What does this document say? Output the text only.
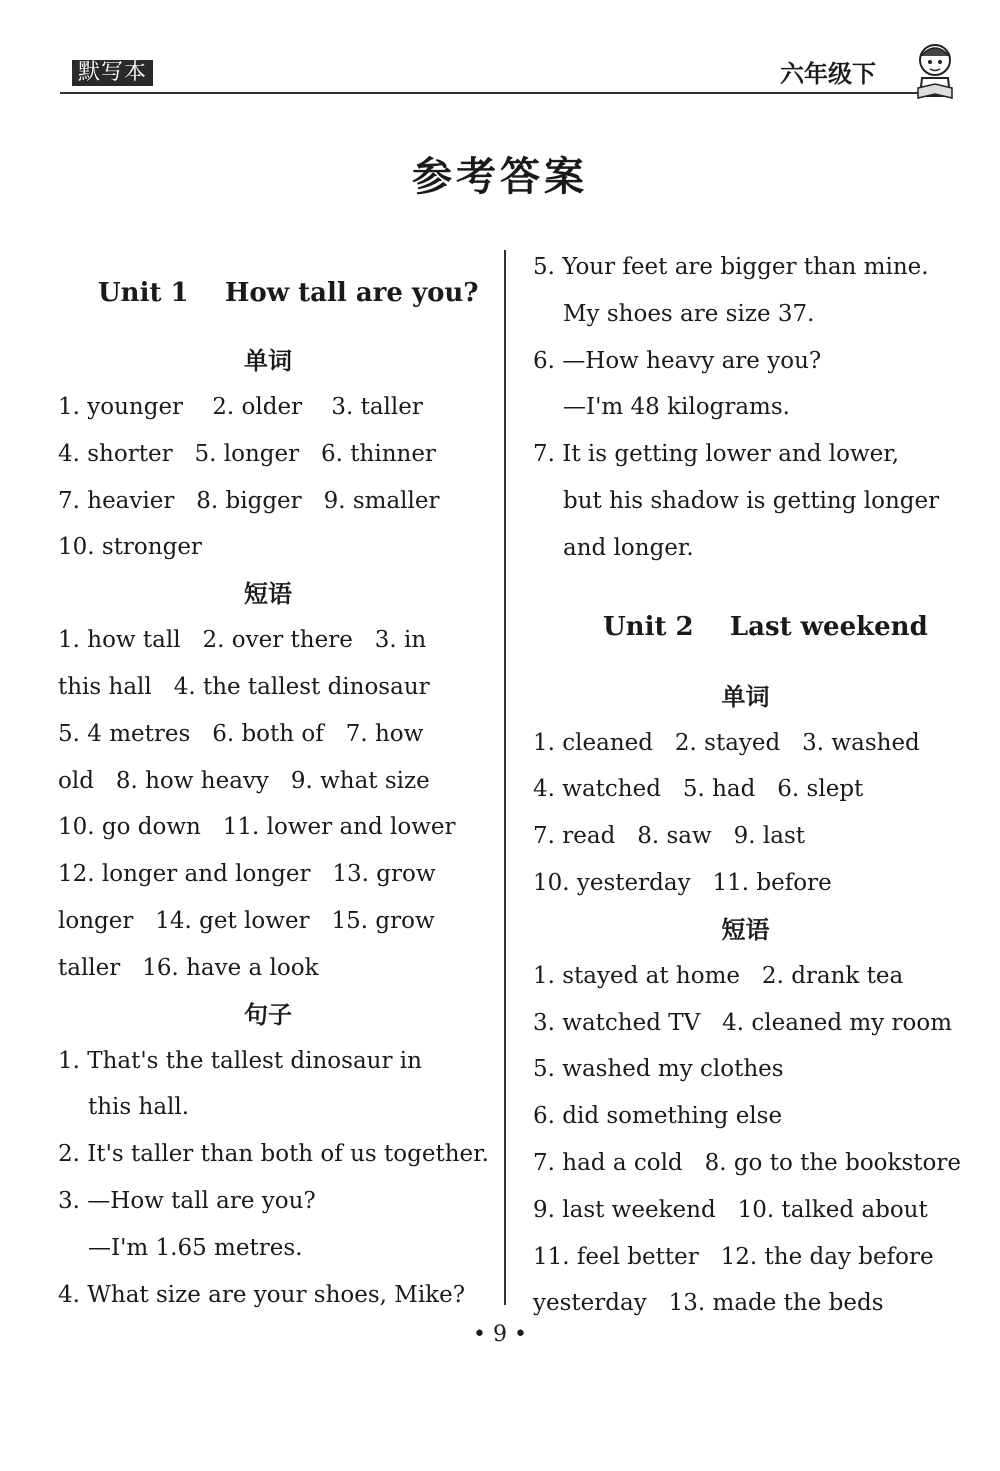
默写本	六年级下
参考答案
Unit 1    How tall are you?
单词
1. younger    2. older    3. taller
4. shorter   5. longer   6. thinner
7. heavier   8. bigger   9. smaller
10. stronger
短语
1. how tall   2. over there   3. in
this hall   4. the tallest dinosaur
5. 4 metres   6. both of   7. how
old   8. how heavy   9. what size
10. go down   11. lower and lower
12. longer and longer   13. grow
longer   14. get lower   15. grow
taller   16. have a look
句子
1. That's the tallest dinosaur in
this hall.
2. It's taller than both of us together.
3. —How tall are you?
—I'm 1.65 metres.
4. What size are your shoes, Mike?
5. Your feet are bigger than mine.
My shoes are size 37.
6. —How heavy are you?
—I'm 48 kilograms.
7. It is getting lower and lower,
but his shadow is getting longer
and longer.
Unit 2    Last weekend
单词
1. cleaned   2. stayed   3. washed
4. watched   5. had   6. slept
7. read   8. saw   9. last
10. yesterday   11. before
短语
1. stayed at home   2. drank tea
3. watched TV   4. cleaned my room
5. washed my clothes
6. did something else
7. had a cold   8. go to the bookstore
9. last weekend   10. talked about
11. feel better   12. the day before
yesterday   13. made the beds
• 9 •
